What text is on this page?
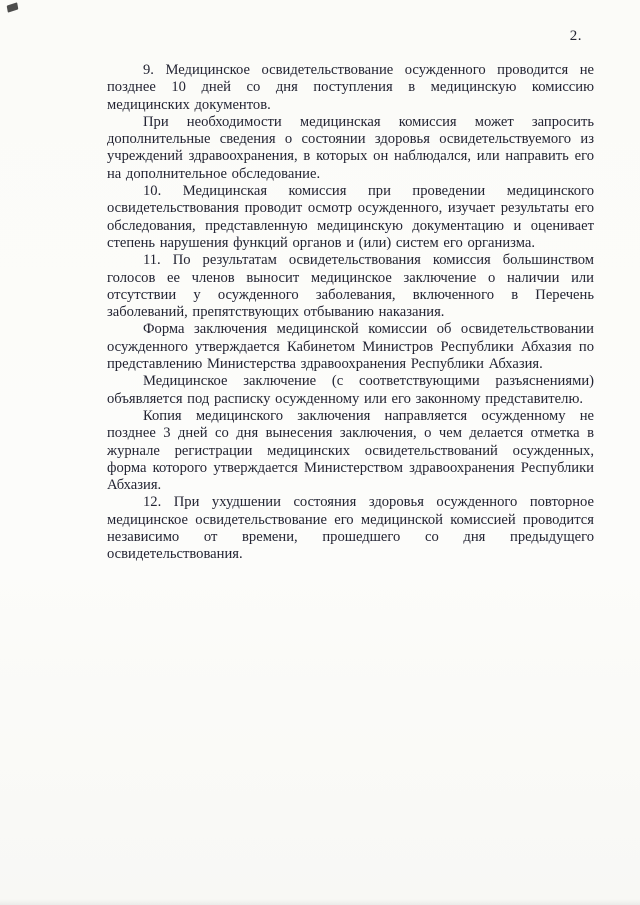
2.

9. Медицинское освидетельствование осужденного проводится не позднее 10 дней со дня поступления в медицинскую комиссию медицинских документов.

При необходимости медицинская комиссия может запросить дополнительные сведения о состоянии здоровья освидетельствуемого из учреждений здравоохранения, в которых он наблюдался, или направить его на дополнительное обследование.

10. Медицинская комиссия при проведении медицинского освидетельствования проводит осмотр осужденного, изучает результаты его обследования, представленную медицинскую документацию и оценивает степень нарушения функций органов и (или) систем его организма.

11. По результатам освидетельствования комиссия большинством голосов ее членов выносит медицинское заключение о наличии или отсутствии у осужденного заболевания, включенного в Перечень заболеваний, препятствующих отбыванию наказания.

Форма заключения медицинской комиссии об освидетельствовании осужденного утверждается Кабинетом Министров Республики Абхазия по представлению Министерства здравоохранения Республики Абхазия.

Медицинское заключение (с соответствующими разъяснениями) объявляется под расписку осужденному или его законному представителю.

Копия медицинского заключения направляется осужденному не позднее 3 дней со дня вынесения заключения, о чем делается отметка в журнале регистрации медицинских освидетельствований осужденных, форма которого утверждается Министерством здравоохранения Республики Абхазия.

12. При ухудшении состояния здоровья осужденного повторное медицинское освидетельствование его медицинской комиссией проводится независимо от времени, прошедшего со дня предыдущего освидетельствования.
